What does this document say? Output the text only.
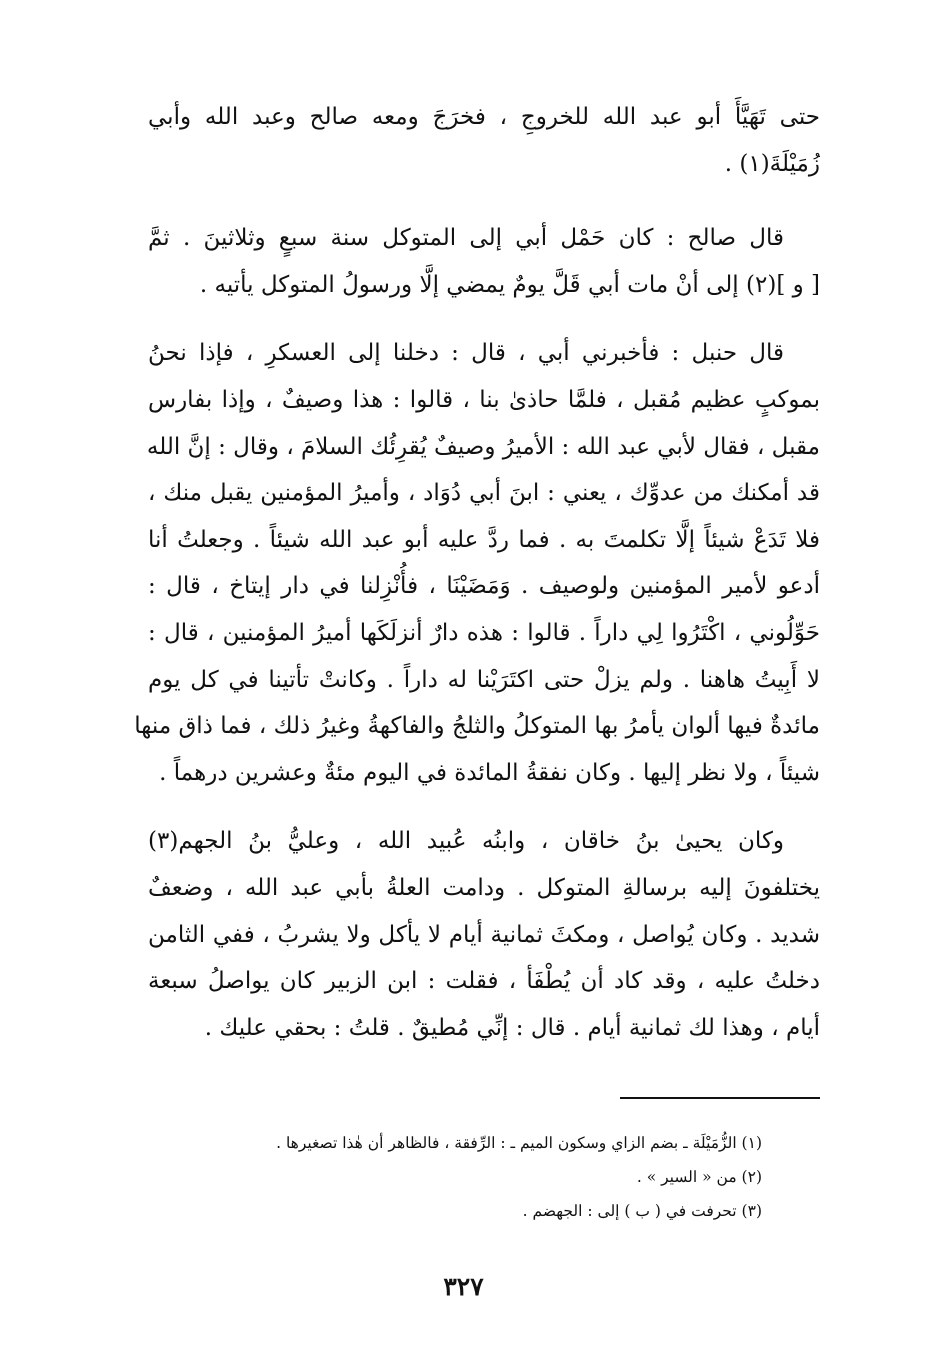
حتى تَهَيَّأَ أبو عبد الله للخروجِ ، فخرَجَ ومعه صالح وعبد الله وأبي
زُمَيْلَةَ(١) .
قال صالح : كان حَمْل أبي إلى المتوكل سنة سبعٍ وثلاثينَ . ثمَّ
[ و ](٢) إلى أنْ مات أبي قَلَّ يومٌ يمضي إلَّا ورسولُ المتوكل يأتيه .
قال حنبل : فأخبرني أبي ، قال : دخلنا إلى العسكرِ ، فإذا نحنُ
بموكبٍ عظيم مُقبل ، فلمَّا حاذىٰ بنا ، قالوا : هذا وصيفٌ ، وإذا بفارس
مقبل ، فقال لأبي عبد الله : الأميرُ وصيفٌ يُقرِئُك السلامَ ، وقال : إنَّ الله
قد أمكنك من عدوِّك ، يعني : ابنَ أبي دُوَاد ، وأميرُ المؤمنين يقبل منك ،
فلا تَدَعْ شيئاً إلَّا تكلمتَ به . فما ردَّ عليه أبو عبد الله شيئاً . وجعلتُ أنا
أدعو لأمير المؤمنين ولوصيف . وَمَضَيْنَا ، فأُنْزِلنا في دار إيتاخ ، قال :
حَوِّلُوني ، اكْتَرُوا لِي داراً . قالوا : هذه دارٌ أنزلَكَها أميرُ المؤمنين ، قال :
لا أَبِيتُ هاهنا . ولم يزلْ حتى اكتَرَيْنا له داراً . وكانتْ تأتينا في كل يوم
مائدةٌ فيها ألوان يأمرُ بها المتوكلُ والثلجُ والفاكهةُ وغيرُ ذلك ، فما ذاق منها
شيئاً ، ولا نظر إليها . وكان نفقةُ المائدة في اليوم مئةٌ وعشرين درهماً .
وكان يحيىٰ بنُ خاقان ، وابنُه عُبيد الله ، وعليُّ بنُ الجهم(٣)
يختلفونَ إليه برسالةِ المتوكل . ودامت العلةُ بأبي عبد الله ، وضعفٌ
شديد . وكان يُواصل ، ومكثَ ثمانية أيام لا يأكل ولا يشربُ ، ففي الثامن
دخلتُ عليه ، وقد كاد أن يُطْفَأ ، فقلت : ابن الزبير كان يواصلُ سبعة
أيام ، وهذا لك ثمانية أيام . قال : إنِّي مُطيقٌ . قلتُ : بحقي عليك .
(١) الزُّمَيْلَة ـ بضم الزاي وسكون الميم ـ : الرِّفقة ، فالظاهر أن هٰذا تصغيرها .
(٢) من « السير » .
(٣) تحرفت في ( ب ) إلى : الجهضم .
٣٢٧
